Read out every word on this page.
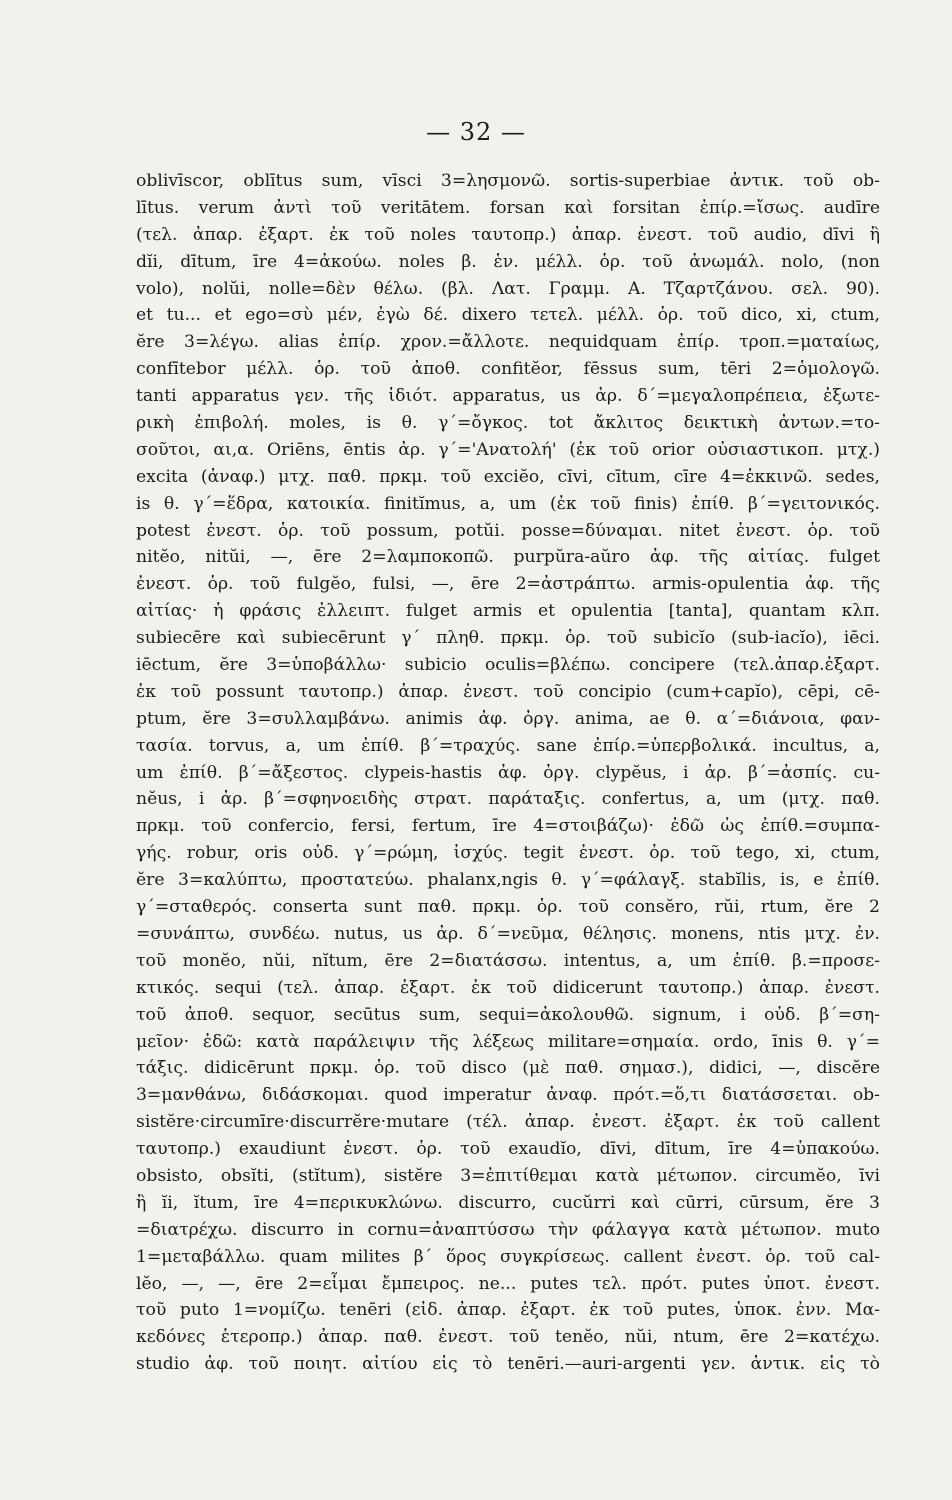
— 32 —
oblivīscor, oblītus sum, vīsci 3=λησμονῶ. sortis-superbiae ἀντικ. τοῦ ob-
lītus. verum ἀντὶ τοῦ veritātem. forsan καὶ forsitan ἐπίρ.=ἴσως. audīre
(τελ. ἀπαρ. ἐξαρτ. ἐκ τοῦ noles ταυτοπρ.) ἀπαρ. ἐνεστ. τοῦ audio, dīvi ἢ
dĭi, dītum, īre 4=ἀκούω. noles β. ἑν. μέλλ. ὁρ. τοῦ ἀνωμάλ. nolo, (non
volo), nolŭi, nolle=δὲν θέλω. (βλ. Λατ. Γραμμ. Α. Τζαρτζάνου. σελ. 90).
et tu... et ego=σὺ μέν, ἐγὼ δέ. dixero τετελ. μέλλ. ὁρ. τοῦ dico, xi, ctum,
ĕre 3=λέγω. alias ἐπίρ. χρον.=ἄλλοτε. nequidquam ἐπίρ. τροπ.=ματαίως,
confītebor μέλλ. ὁρ. τοῦ ἀποθ. confitĕor, fēssus sum, tēri 2=ὁμολογῶ.
tanti apparatus γεν. τῆς ἰδιότ. apparatus, us ἀρ. δ΄=μεγαλοπρέπεια, ἐξωτε-
ρικὴ ἐπιβολή. moles, is θ. γ΄=ὄγκος. tot ἄκλιτος δεικτικὴ ἀντων.=το-
σοῦτοι, αι,α. Oriēns, ēntis ἀρ. γ΄='Ανατολή' (ἐκ τοῦ orior οὐσιαστικοπ. μτχ.)
excita (ἀναφ.) μτχ. παθ. πρκμ. τοῦ exciĕo, cīvi, cītum, cīre 4=ἐκκινῶ. sedes,
is θ. γ΄=ἕδρα, κατοικία. finitĭmus, a, um (ἐκ τοῦ finis) ἐπίθ. β΄=γειτονικός.
potest ἐνεστ. ὁρ. τοῦ possum, potŭi. posse=δύναμαι. nitet ἐνεστ. ὁρ. τοῦ
nitĕo, nitŭi, —, ēre 2=λαμποκοπῶ. purpŭra-aŭro ἀφ. τῆς αἰτίας. fulget
ἐνεστ. ὁρ. τοῦ fulgĕo, fulsi, —, ēre 2=ἀστράπτω. armis-opulentia ἀφ. τῆς
αἰτίας· ἡ φράσις ἐλλειπτ. fulget armis et opulentia [tanta], quantam κλπ.
subiecēre καὶ subiecērunt γ΄ πληθ. πρκμ. ὁρ. τοῦ subicĭo (sub-iacĭo), iēci.
iēctum, ĕre 3=ὑποβάλλω· subicio oculis=βλέπω. concipere (τελ.ἀπαρ.ἐξαρτ.
ἐκ τοῦ possunt ταυτοπρ.) ἀπαρ. ἐνεστ. τοῦ concipio (cum+capĭo), cēpi, cē-
ptum, ĕre 3=συλλαμβάνω. animis ἀφ. ὀργ. anima, ae θ. α΄=διάνοια, φαν-
τασία. torvus, a, um ἐπίθ. β΄=τραχύς. sane ἐπίρ.=ὑπερβολικά. incultus, a,
um ἐπίθ. β΄=ἄξεστος. clypeis-hastis ἀφ. ὀργ. clypĕus, i ἀρ. β΄=ἀσπίς. cu-
nĕus, i ἀρ. β΄=σφηνοειδὴς στρατ. παράταξις. confertus, a, um (μτχ. παθ.
πρκμ. τοῦ confercio, fersi, fertum, īre 4=στοιβάζω)· ἐδῶ ὡς ἐπίθ.=συμπα-
γής. robur, oris οὐδ. γ΄=ρώμη, ἰσχύς. tegit ἐνεστ. ὁρ. τοῦ tego, xi, ctum,
ĕre 3=καλύπτω, προστατεύω. phalanx,ngis θ. γ΄=φάλαγξ. stabĭlis, is, e ἐπίθ.
γ΄=σταθερός. conserta sunt παθ. πρκμ. ὁρ. τοῦ consĕro, rŭi, rtum, ĕre 2
=συνάπτω, συνδέω. nutus, us ἀρ. δ΄=νεῦμα, θέλησις. monens, ntis μτχ. ἐν.
τοῦ monĕo, nŭi, nĭtum, ēre 2=διατάσσω. intentus, a, um ἐπίθ. β.=προσε-
κτικός. sequi (τελ. ἀπαρ. ἐξαρτ. ἐκ τοῦ didicerunt ταυτοπρ.) ἀπαρ. ἐνεστ.
τοῦ ἀποθ. sequor, secūtus sum, sequi=ἀκολουθῶ. signum, i οὐδ. β΄=ση-
μεῖον· ἐδῶ: κατὰ παράλειψιν τῆς λέξεως militare=σημαία. ordo, īnis θ. γ΄=
τάξις. didicērunt πρκμ. ὁρ. τοῦ disco (μὲ παθ. σημασ.), didici, —, discĕre
3=μανθάνω, διδάσκομαι. quod imperatur ἀναφ. πρότ.=ὅ,τι διατάσσεται. ob-
sistĕre·circumīre·discurrĕre·mutare (τέλ. ἀπαρ. ἐνεστ. ἐξαρτ. ἐκ τοῦ callent
ταυτοπρ.) exaudiunt ἐνεστ. ὁρ. τοῦ exaudĭo, dīvi, dītum, īre 4=ὑπακούω.
obsisto, obsĭti, (stĭtum), sistĕre 3=ἐπιτίθεμαι κατὰ μέτωπον. circumĕo, īvi
ἢ ĭi, ĭtum, īre 4=περικυκλώνω. discurro, cucŭrri καὶ cūrri, cūrsum, ĕre 3
=διατρέχω. discurro in cornu=ἀναπτύσσω τὴν φάλαγγα κατὰ μέτωπον. muto
1=μεταβάλλω. quam milites β΄ ὅρος συγκρίσεως. callent ἐνεστ. ὁρ. τοῦ cal-
lĕo, —, —, ēre 2=εἶμαι ἔμπειρος. ne... putes τελ. πρότ. putes ὑποτ. ἐνεστ.
τοῦ puto 1=νομίζω. tenēri (εἰδ. ἀπαρ. ἐξαρτ. ἐκ τοῦ putes, ὑποκ. ἐνν. Μα-
κεδόνες ἑτεροπρ.) ἀπαρ. παθ. ἐνεστ. τοῦ tenĕo, nŭi, ntum, ēre 2=κατέχω.
studio ἀφ. τοῦ ποιητ. αἰτίου εἰς τὸ tenēri.—auri-argenti γεν. ἀντικ. εἰς τὸ
